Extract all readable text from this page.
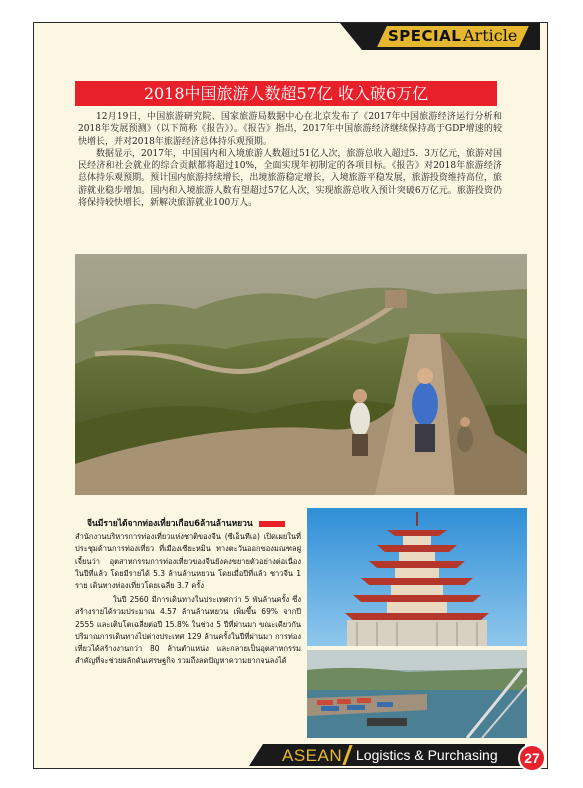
SPECIAL Article
2018中国旅游人数超57亿 收入破6万亿

12月19日，中国旅游研究院、国家旅游局数据中心在北京发布了《2017年中国旅游经济运行分析和2018年发展预测》（以下简称《报告》）。《报告》指出，2017年中国旅游经济继续保持高于GDP增速的较快增长，并对2018年旅游经济总体持乐观预期。

数据显示，2017年，中国国内和入境旅游人数超过51亿人次，旅游总收入超过5．3万亿元，旅游对国民经济和社会就业的综合贡献都将超过10%，全面实现年初制定的各项目标。《报告》对2018年旅游经济总体持乐观预期。预计国内旅游持续增长，出境旅游稳定增长，入境旅游平稳发展，旅游投资维持高位，旅游就业稳步增加。国内和入境旅游人数有望超过57亿人次，实现旅游总收入预计突破6万亿元。旅游投资仍将保持较快增长，新解决旅游就业100万人。

จีนมีรายได้จากท่องเที่ยวเกือบ6ล้านล้านหยวน

สำนักงานบริหารการท่องเที่ยวแห่งชาติของจีน (ซีเอ็นทีเอ) เปิดเผยในที่ประชุมด้านการท่องเที่ยว ที่เมืองเซียะหมิน ทางตะวันออกของมณฑลฝูเจี้ยนว่า อุตสาหกรรมการท่องเที่ยวของจีนยังคงขยายตัวอย่างต่อเนื่องในปีที่แล้ว โดยมีรายได้ 5.3 ล้านล้านหยวน โดยเมื่อปีที่แล้ว ชาวจีน 1 ราย เดินทางท่องเที่ยวโดยเฉลี่ย 3.7 ครั้ง

ในปี 2560 มีการเดินทางในประเทศกว่า 5 พันล้านครั้ง ซึ่งสร้างรายได้รวมประมาณ 4.57 ล้านล้านหยวน เพิ่มขึ้น 69% จากปี 2555 และเติบโตเฉลี่ยต่อปี 15.8% ในช่วง 5 ปีที่ผ่านมา ขณะเดียวกัน ปริมาณการเดินทางไปต่างประเทศ 129 ล้านครั้งในปีที่ผ่านมา การท่องเที่ยวได้สร้างงานกว่า 80 ล้านตำแหน่ง และกลายเป็นอุตสาหกรรมสำคัญที่จะช่วยผลักดันเศรษฐกิจ รวมถึงลดปัญหาความยากจนลงได้

ASEAN Logistics & Purchasing	27
